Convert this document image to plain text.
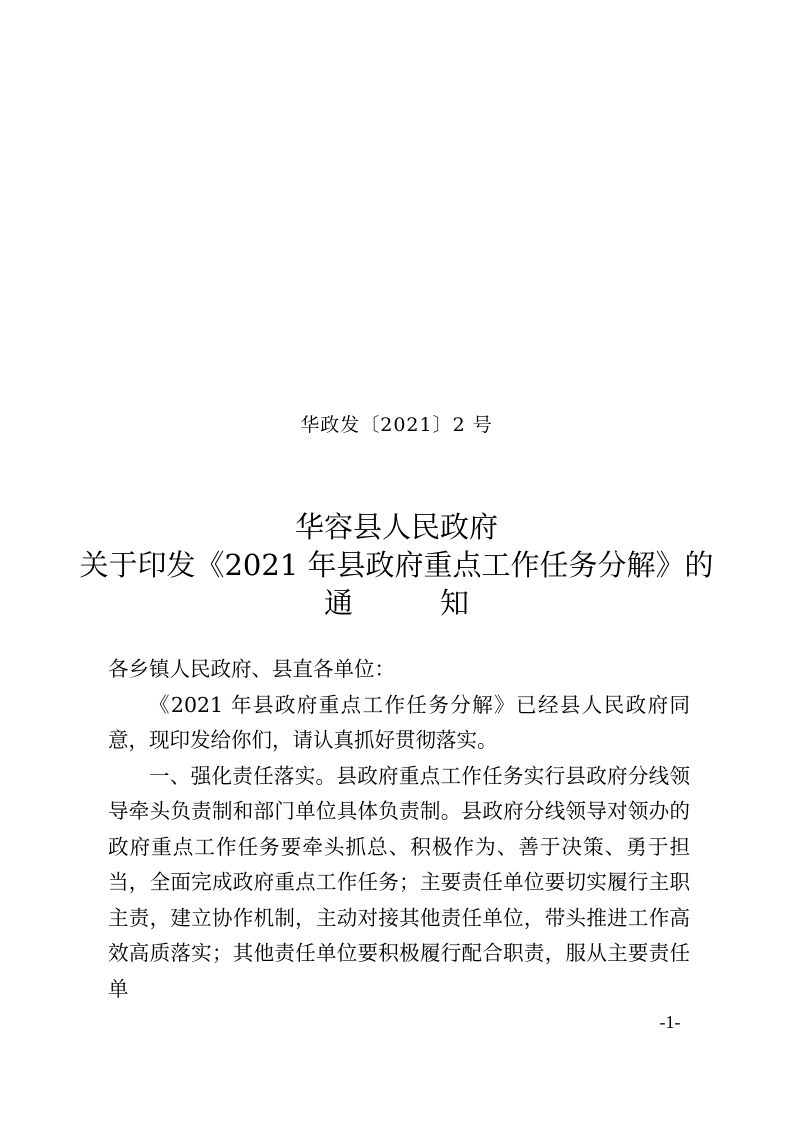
华政发〔2021〕2 号
华容县人民政府
关于印发《2021 年县政府重点工作任务分解》的
通　　　知

各乡镇人民政府、县直各单位：

《2021 年县政府重点工作任务分解》已经县人民政府同意，现印发给你们，请认真抓好贯彻落实。

一、强化责任落实。县政府重点工作任务实行县政府分线领导牵头负责制和部门单位具体负责制。县政府分线领导对领办的政府重点工作任务要牵头抓总、积极作为、善于决策、勇于担当，全面完成政府重点工作任务；主要责任单位要切实履行主职主责，建立协作机制，主动对接其他责任单位，带头推进工作高效高质落实；其他责任单位要积极履行配合职责，服从主要责任单

-1-
